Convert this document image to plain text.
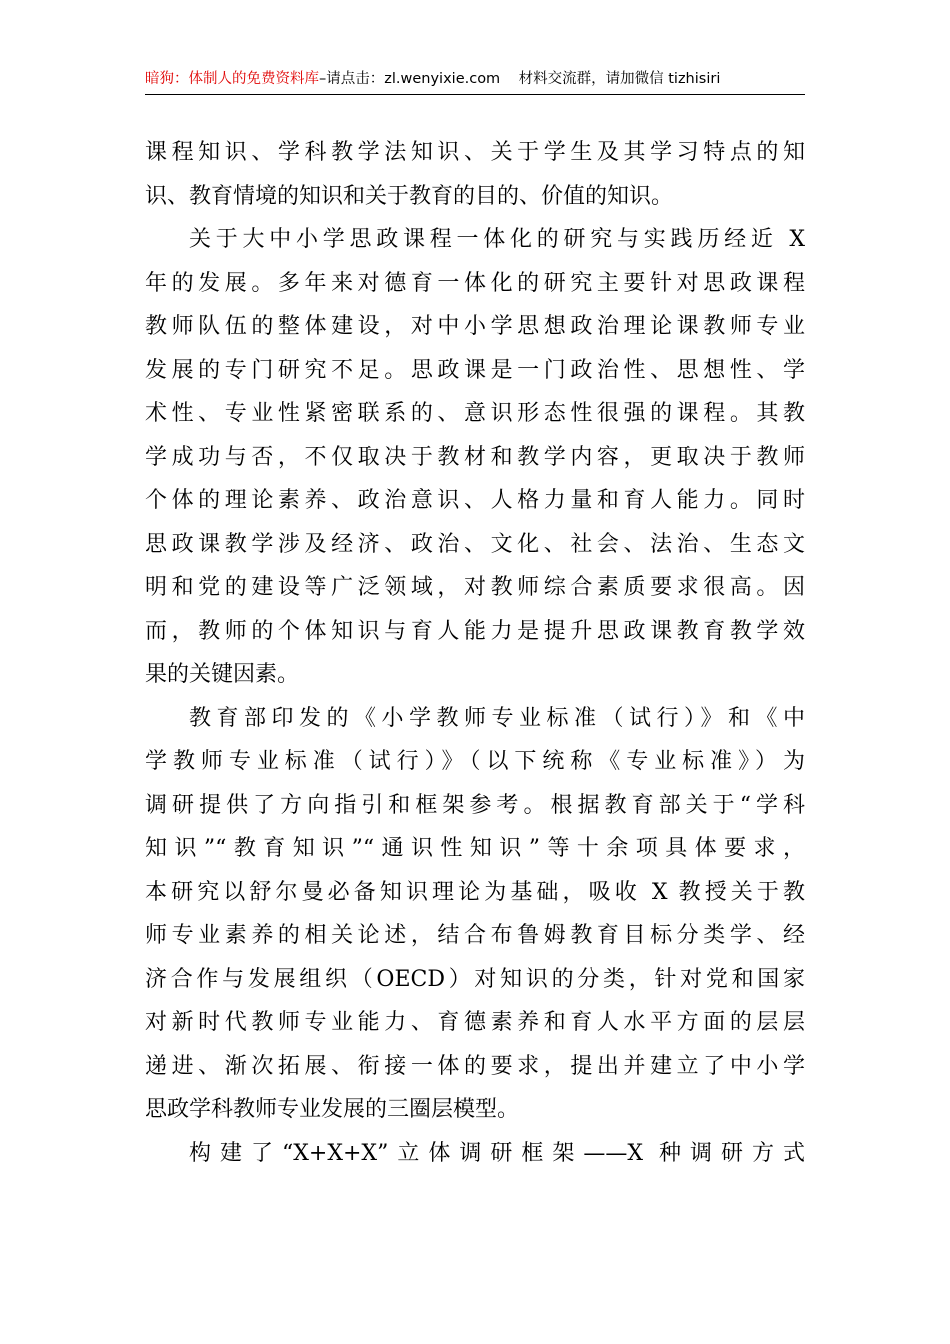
暗狗：体制人的免费资料库–请点击：zl.wenyixie.com 材料交流群，请加微信 tizhisiri
课程知识、学科教学法知识、关于学生及其学习特点的知
识、教育情境的知识和关于教育的目的、价值的知识。
关于大中小学思政课程一体化的研究与实践历经近 X
年的发展。多年来对德育一体化的研究主要针对思政课程
教师队伍的整体建设，对中小学思想政治理论课教师专业
发展的专门研究不足。思政课是一门政治性、思想性、学
术性、专业性紧密联系的、意识形态性很强的课程。其教
学成功与否，不仅取决于教材和教学内容，更取决于教师
个体的理论素养、政治意识、人格力量和育人能力。同时
思政课教学涉及经济、政治、文化、社会、法治、生态文
明和党的建设等广泛领域，对教师综合素质要求很高。因
而，教师的个体知识与育人能力是提升思政课教育教学效
果的关键因素。
教育部印发的《小学教师专业标准（试行）》和《中
学教师专业标准（试行）》（以下统称《专业标准》）为
调研提供了方向指引和框架参考。根据教育部关于“学科
知识”“教育知识”“通识性知识”等十余项具体要求，
本研究以舒尔曼必备知识理论为基础，吸收 X 教授关于教
师专业素养的相关论述，结合布鲁姆教育目标分类学、经
济合作与发展组织（OECD）对知识的分类，针对党和国家
对新时代教师专业能力、育德素养和育人水平方面的层层
递进、渐次拓展、衔接一体的要求，提出并建立了中小学
思政学科教师专业发展的三圈层模型。
构建了“X+X+X”立体调研框架——X 种调研方式
